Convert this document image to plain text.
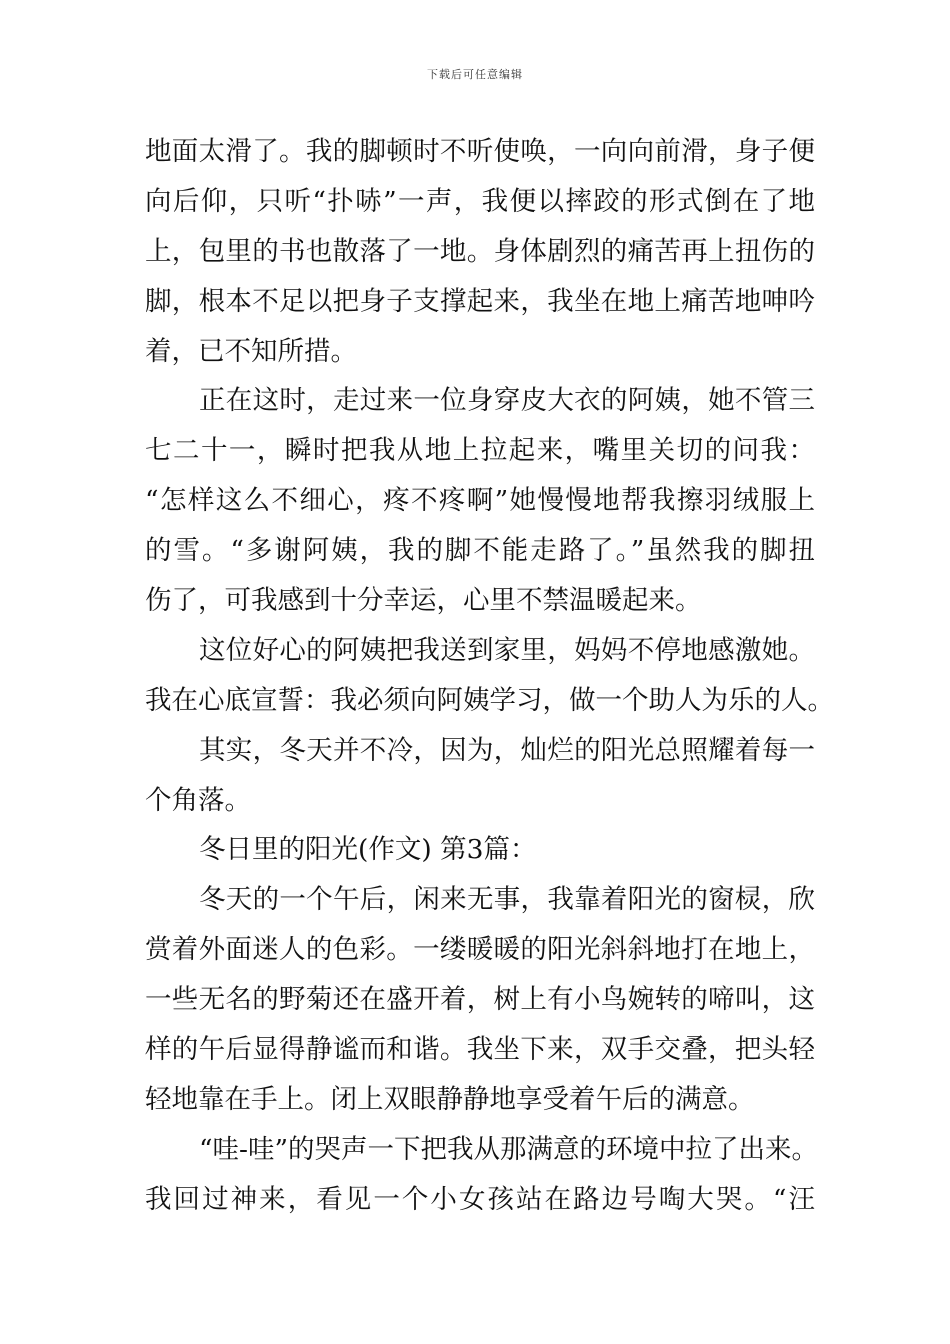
下载后可任意编辑
地面太滑了。我的脚顿时不听使唤，一向向前滑，身子便
向后仰，只听“扑哧”一声，我便以摔跤的形式倒在了地
上，包里的书也散落了一地。身体剧烈的痛苦再上扭伤的
脚，根本不足以把身子支撑起来，我坐在地上痛苦地呻吟
着，已不知所措。
正在这时，走过来一位身穿皮大衣的阿姨，她不管三
七二十一，瞬时把我从地上拉起来，嘴里关切的问我：
“怎样这么不细心，疼不疼啊”她慢慢地帮我擦羽绒服上
的雪。“多谢阿姨，我的脚不能走路了。”虽然我的脚扭
伤了，可我感到十分幸运，心里不禁温暖起来。
这位好心的阿姨把我送到家里，妈妈不停地感激她。
我在心底宣誓：我必须向阿姨学习，做一个助人为乐的人。
其实，冬天并不冷，因为，灿烂的阳光总照耀着每一
个角落。
冬日里的阳光(作文) 第3篇：
冬天的一个午后，闲来无事，我靠着阳光的窗棂，欣
赏着外面迷人的色彩。一缕暖暖的阳光斜斜地打在地上，
一些无名的野菊还在盛开着，树上有小鸟婉转的啼叫，这
样的午后显得静谧而和谐。我坐下来，双手交叠，把头轻
轻地靠在手上。闭上双眼静静地享受着午后的满意。
“哇-哇”的哭声一下把我从那满意的环境中拉了出来。
我回过神来，看见一个小女孩站在路边号啕大哭。“汪
